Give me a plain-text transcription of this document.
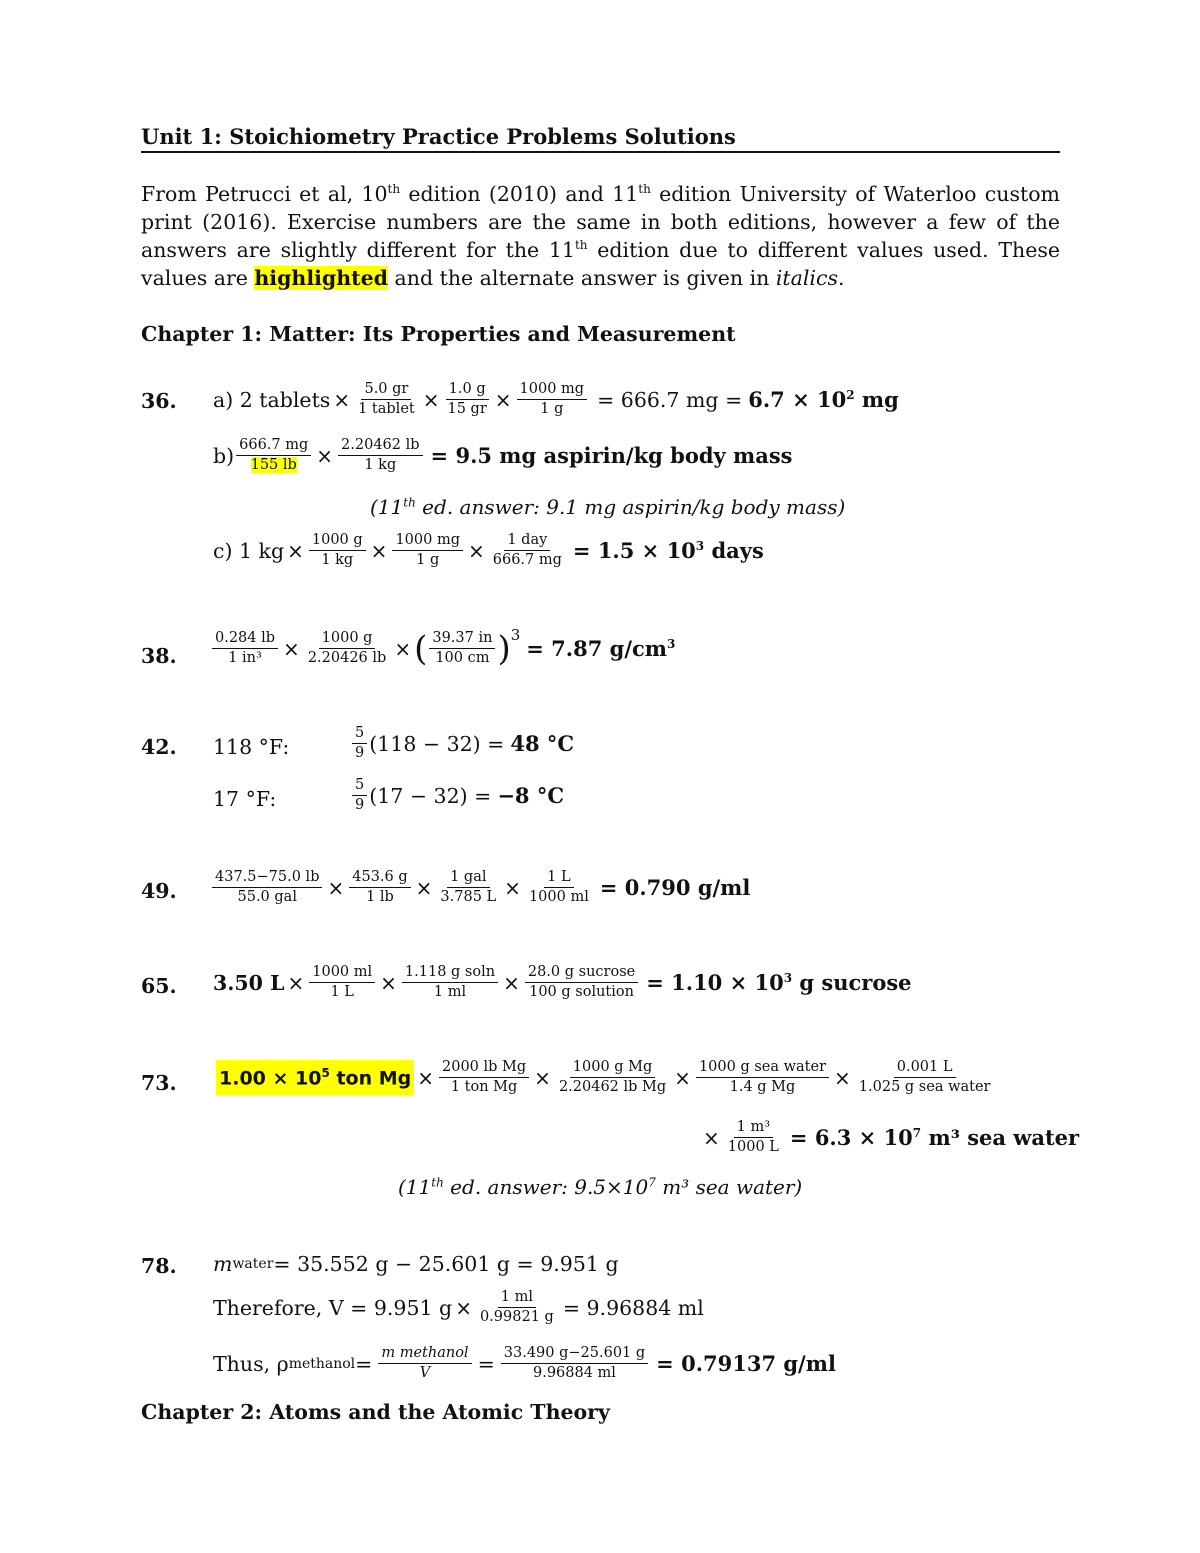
Unit 1: Stoichiometry Practice Problems Solutions
From Petrucci et al, 10th edition (2010) and 11th edition University of Waterloo custom print (2016). Exercise numbers are the same in both editions, however a few of the answers are slightly different for the 11th edition due to different values used. These values are highlighted and the alternate answer is given in italics.
Chapter 1: Matter: Its Properties and Measurement
36. a) 2 tablets × $\frac{5.0 gr}{\text{1 tablet}} \times \frac{1.0 g}{15 gr} \times \frac{1000 mg}{1 g} = 666.7$ mg = $6.7 \times 10^2$ mg
$b) \frac{666.7 mg}{155 lb} \times \frac{2.20462 lb}{1 kg} = 9.5$ mg aspirin/kg body mass
(11th ed. answer: 9.1 mg aspirin/kg body mass)
c) 1 kg × $\frac{1000 g}{1 kg} \times \frac{1000 mg}{1 g} \times \frac{\text{1 day}}{666.7 mg} = 1.5 \times 10^3$ days
38. $\frac{0.284 lb}{\text{1 in³}} \times \frac{1000 g}{2.20426 lb}$ × ( $\frac{39.37 in}{100 cm}$ ) 3
= 7.87 $g/cm^3$
42. 118 °F:	$\frac{5}{9} (118 - 32) = 48$ °C
17 °F:	$\frac{5}{9} (17 - 32) = -8$ °C
49. $\frac{437.5-75.0 lb}{\text{55.0 gal}} \times \frac{453.6 g}{1 lb} \times \frac{\text{1 gal}}{3.785 L} \times \frac{1 L}{1000 ml} = 0.790$ g/ml
65. 3.50 $L \times \frac{1000 ml}{1 L} \times \frac{\text{1.118 g soln}}{1 ml} \times \frac{\text{28.0 g sucrose}}{\text{100 g solution}} = 1.10 \times 10^3$ g sucrose
73. $1.00 \times 10^5$ ton $Mg \times \frac{\text{2000 lb Mg}}{\text{1 ton Mg}} \times \frac{\text{1000 g Mg}}{\text{2.20462 lb Mg}} \times \frac{\text{1000 g sea water}}{\text{1.4 g Mg}} \times \frac{0.001 L}{\text{1.025 g sea water}}$
× $\frac{\text{1 m³}}{1000 L} = 6.3 \times 10^7$ m³ sea water
(11th ed. answer: $9.5\times 10^7$ m³ sea water)
78. m water = 35.552 g − 25.601 g = 9.951 g
Therefore, V = 9.951 $g \times \frac{1 ml}{0.99821 g} = 9.96884$ ml
Thus, ρ methanol = $\frac{\text{m methanol}}{V} = \frac{33.490 g-25.601 g}{9.96884 ml} = 0.79137$ g/ml
Chapter 2: Atoms and the Atomic Theory
